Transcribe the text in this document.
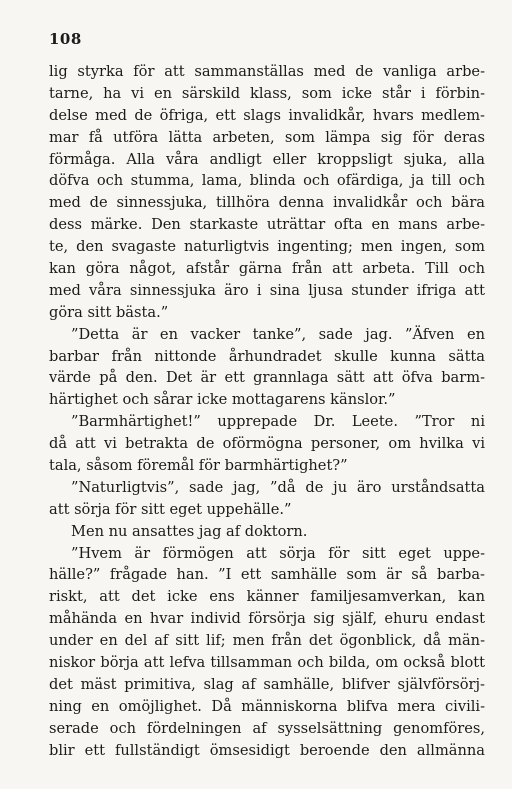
108
lig styrka för att sammanställas med de vanliga arbe-
tarne, ha vi en särskild klass, som icke står i förbin-
delse med de öfriga, ett slags invalidkår, hvars medlem-
mar få utföra lätta arbeten, som lämpa sig för deras
förmåga. Alla våra andligt eller kroppsligt sjuka, alla
döfva och stumma, lama, blinda och ofärdiga, ja till och
med de sinnessjuka, tillhöra denna invalidkår och bära
dess märke. Den starkaste uträttar ofta en mans arbe-
te, den svagaste naturligtvis ingenting; men ingen, som
kan göra något, afstår gärna från att arbeta. Till och
med våra sinnessjuka äro i sina ljusa stunder ifriga att
göra sitt bästa.”
”Detta är en vacker tanke”, sade jag. ”Äfven en
barbar från nittonde århundradet skulle kunna sätta
värde på den. Det är ett grannlaga sätt att öfva barm-
härtighet och sårar icke mottagarens känslor.”
”Barmhärtighet!” upprepade Dr. Leete. ”Tror ni
då att vi betrakta de oförmögna personer, om hvilka vi
tala, såsom föremål för barmhärtighet?”
”Naturligtvis”, sade jag, ”då de ju äro urståndsatta
att sörja för sitt eget uppehälle.”
Men nu ansattes jag af doktorn.
”Hvem är förmögen att sörja för sitt eget uppe-
hälle?” frågade han. ”I ett samhälle som är så barba-
riskt, att det icke ens känner familjesamverkan, kan
måhända en hvar individ försörja sig själf, ehuru endast
under en del af sitt lif; men från det ögonblick, då män-
niskor börja att lefva tillsamman och bilda, om också blott
det mäst primitiva, slag af samhälle, blifver självförsörj-
ning en omöjlighet. Då människorna blifva mera civili-
serade och fördelningen af sysselsättning genomföres,
blir ett fullständigt ömsesidigt beroende den allmänna
